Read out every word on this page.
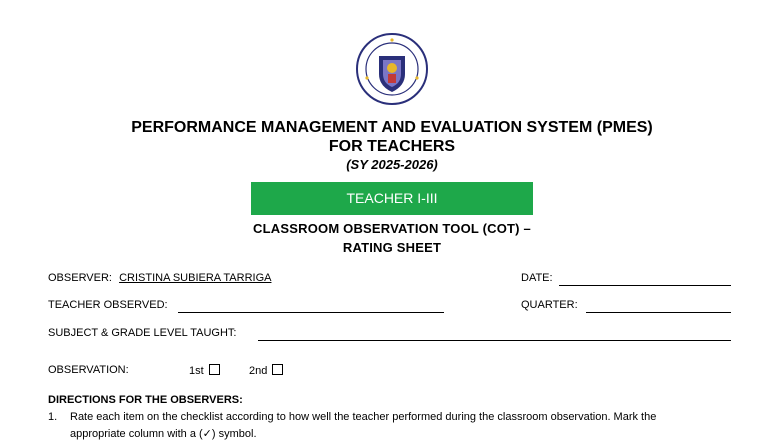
PERFORMANCE MANAGEMENT AND EVALUATION SYSTEM (PMES)
FOR TEACHERS
(SY 2025-2026)
TEACHER I-III
CLASSROOM OBSERVATION TOOL (COT) –
RATING SHEET
OBSERVER: CRISTINA SUBIERA TARRIGA	DATE:
TEACHER OBSERVED:	QUARTER:
SUBJECT & GRADE LEVEL TAUGHT:
OBSERVATION:	1st	2nd
DIRECTIONS FOR THE OBSERVERS:
1. Rate each item on the checklist according to how well the teacher performed during the classroom observation. Mark the
appropriate column with a (✓) symbol.
